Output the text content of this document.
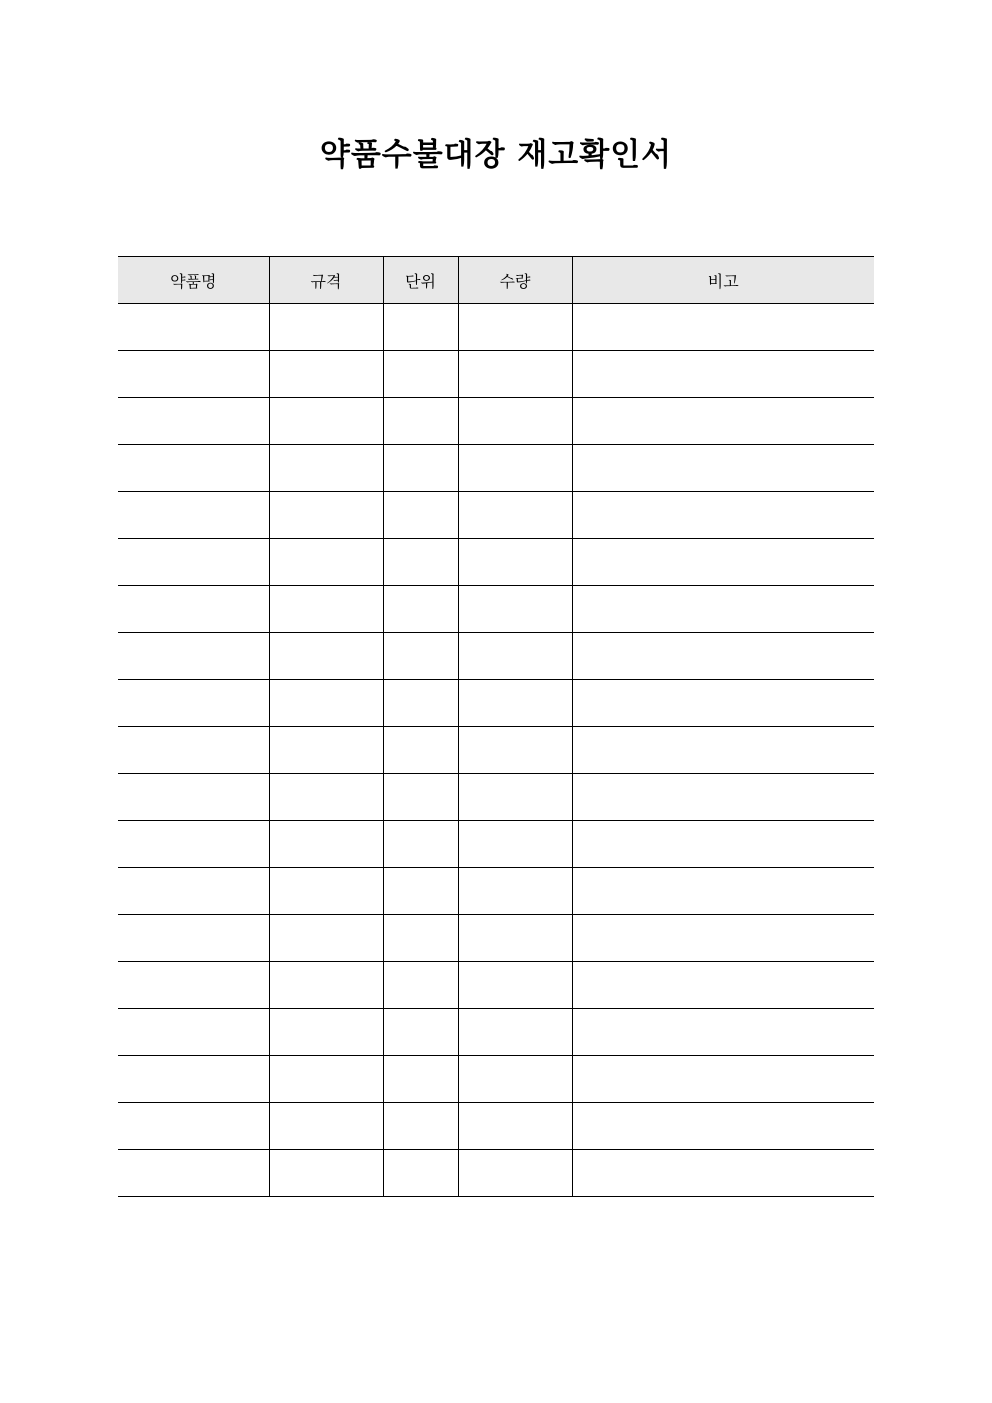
약품수불대장 재고확인서
약품명	규격	단위	수량	비고
